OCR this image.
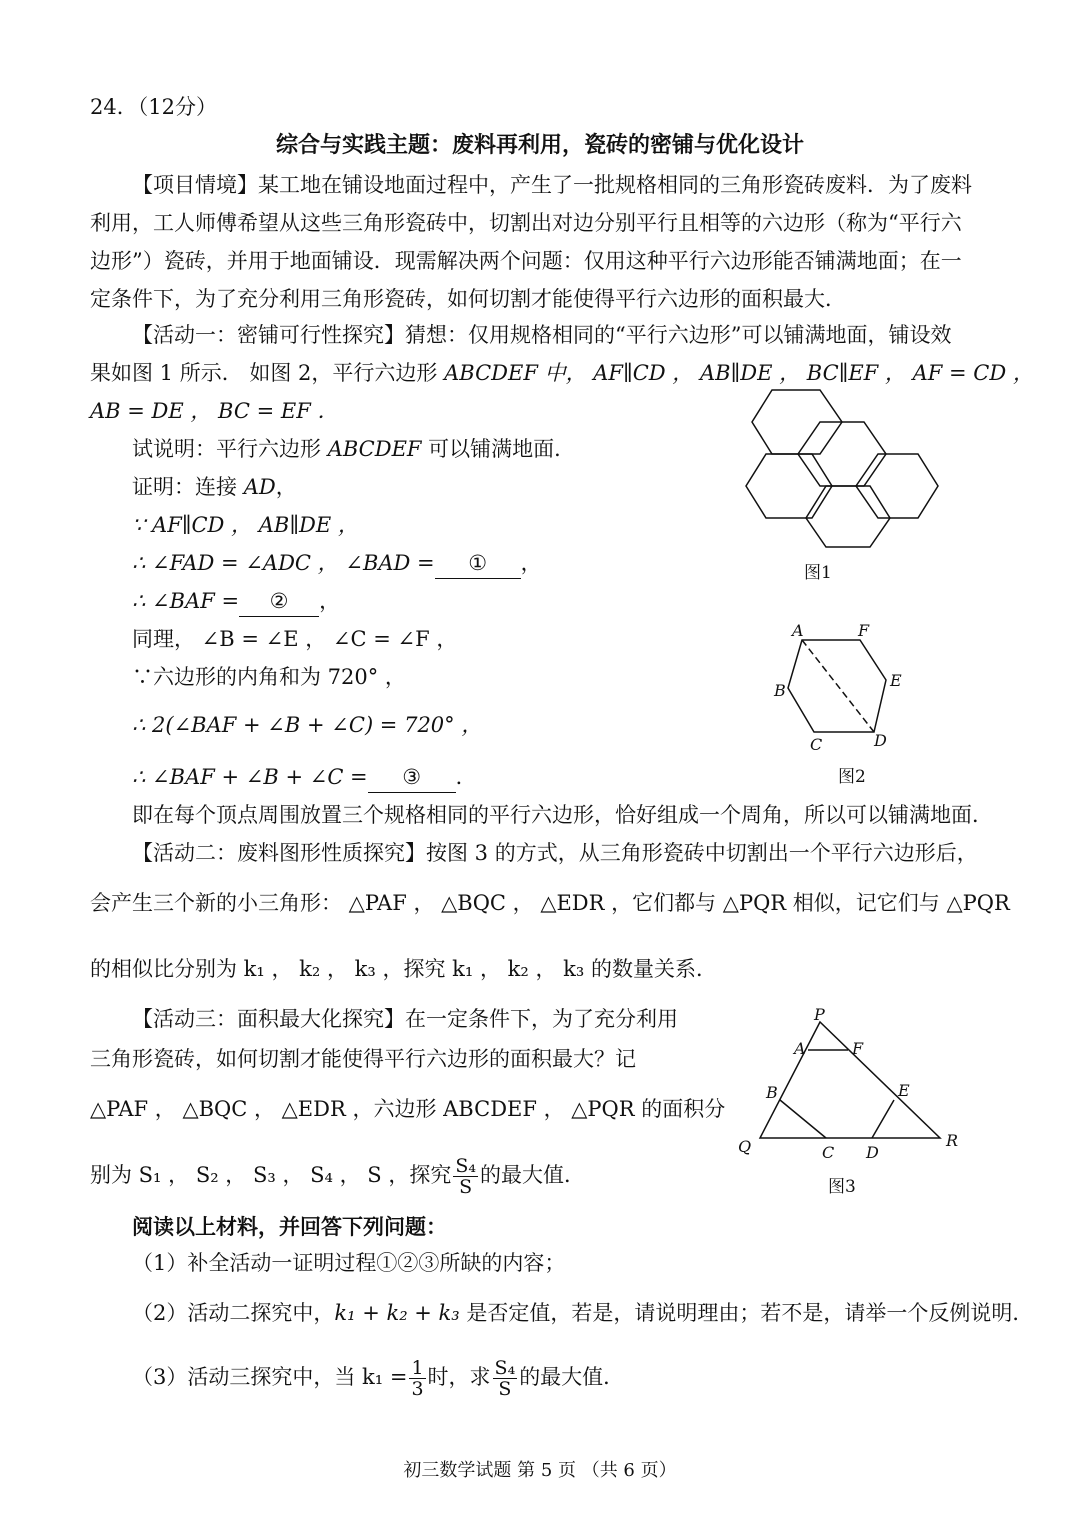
24．（12分）
综合与实践主题：废料再利用，瓷砖的密铺与优化设计
【项目情境】某工地在铺设地面过程中，产生了一批规格相同的三角形瓷砖废料．为了废料
利用，工人师傅希望从这些三角形瓷砖中，切割出对边分别平行且相等的六边形（称为“平行六
边形”）瓷砖，并用于地面铺设．现需解决两个问题：仅用这种平行六边形能否铺满地面；在一
定条件下，为了充分利用三角形瓷砖，如何切割才能使得平行六边形的面积最大．
【活动一：密铺可行性探究】猜想：仅用规格相同的“平行六边形”可以铺满地面，铺设效
果如图 1 所示． 如图 2，平行六边形 ABCDEF 中， AF∥CD ， AB∥DE ， BC∥EF ， AF = CD ，
AB = DE ， BC = EF ．
试说明：平行六边形 ABCDEF 可以铺满地面．
证明：连接 AD，
∵ AF∥CD ， AB∥DE ，
∴ ∠FAD = ∠ADC ， ∠BAD = ① ，
∴ ∠BAF = ② ，
同理， ∠B = ∠E ， ∠C = ∠F ，
∵六边形的内角和为 720° ，
∴ 2(∠BAF + ∠B + ∠C) = 720° ，
∴ ∠BAF + ∠B + ∠C = ③ ．
即在每个顶点周围放置三个规格相同的平行六边形，恰好组成一个周角，所以可以铺满地面．
【活动二：废料图形性质探究】按图 3 的方式，从三角形瓷砖中切割出一个平行六边形后，
会产生三个新的小三角形： △PAF ， △BQC ， △EDR ，它们都与 △PQR 相似，记它们与 △PQR
的相似比分别为 k₁ ， k₂ ， k₃ ，探究 k₁ ， k₂ ， k₃ 的数量关系．
【活动三：面积最大化探究】在一定条件下，为了充分利用
三角形瓷砖，如何切割才能使得平行六边形的面积最大？记
△PAF ， △BQC ， △EDR ，六边形 ABCDEF ， △PQR 的面积分
别为 S₁ ， S₂ ， S₃ ， S₄ ， S ，探究 $\frac{\text{S₄}}{S}$ 的最大值．
阅读以上材料，并回答下列问题：
（1）补全活动一证明过程①②③所缺的内容；
（2）活动二探究中，k₁ + k₂ + k₃ 是否定值，若是，请说明理由；若不是，请举一个反例说明．
（3）活动三探究中，当 $k_1 = \frac{1}{3}$ 时，求 $\frac{\text{S₄}}{S}$ 的最大值．
图1
A	F
E
D
C
B
图2
P
A	F
B	E
Q	C D
R
图3
初三数学试题 第 5 页 （共 6 页）
